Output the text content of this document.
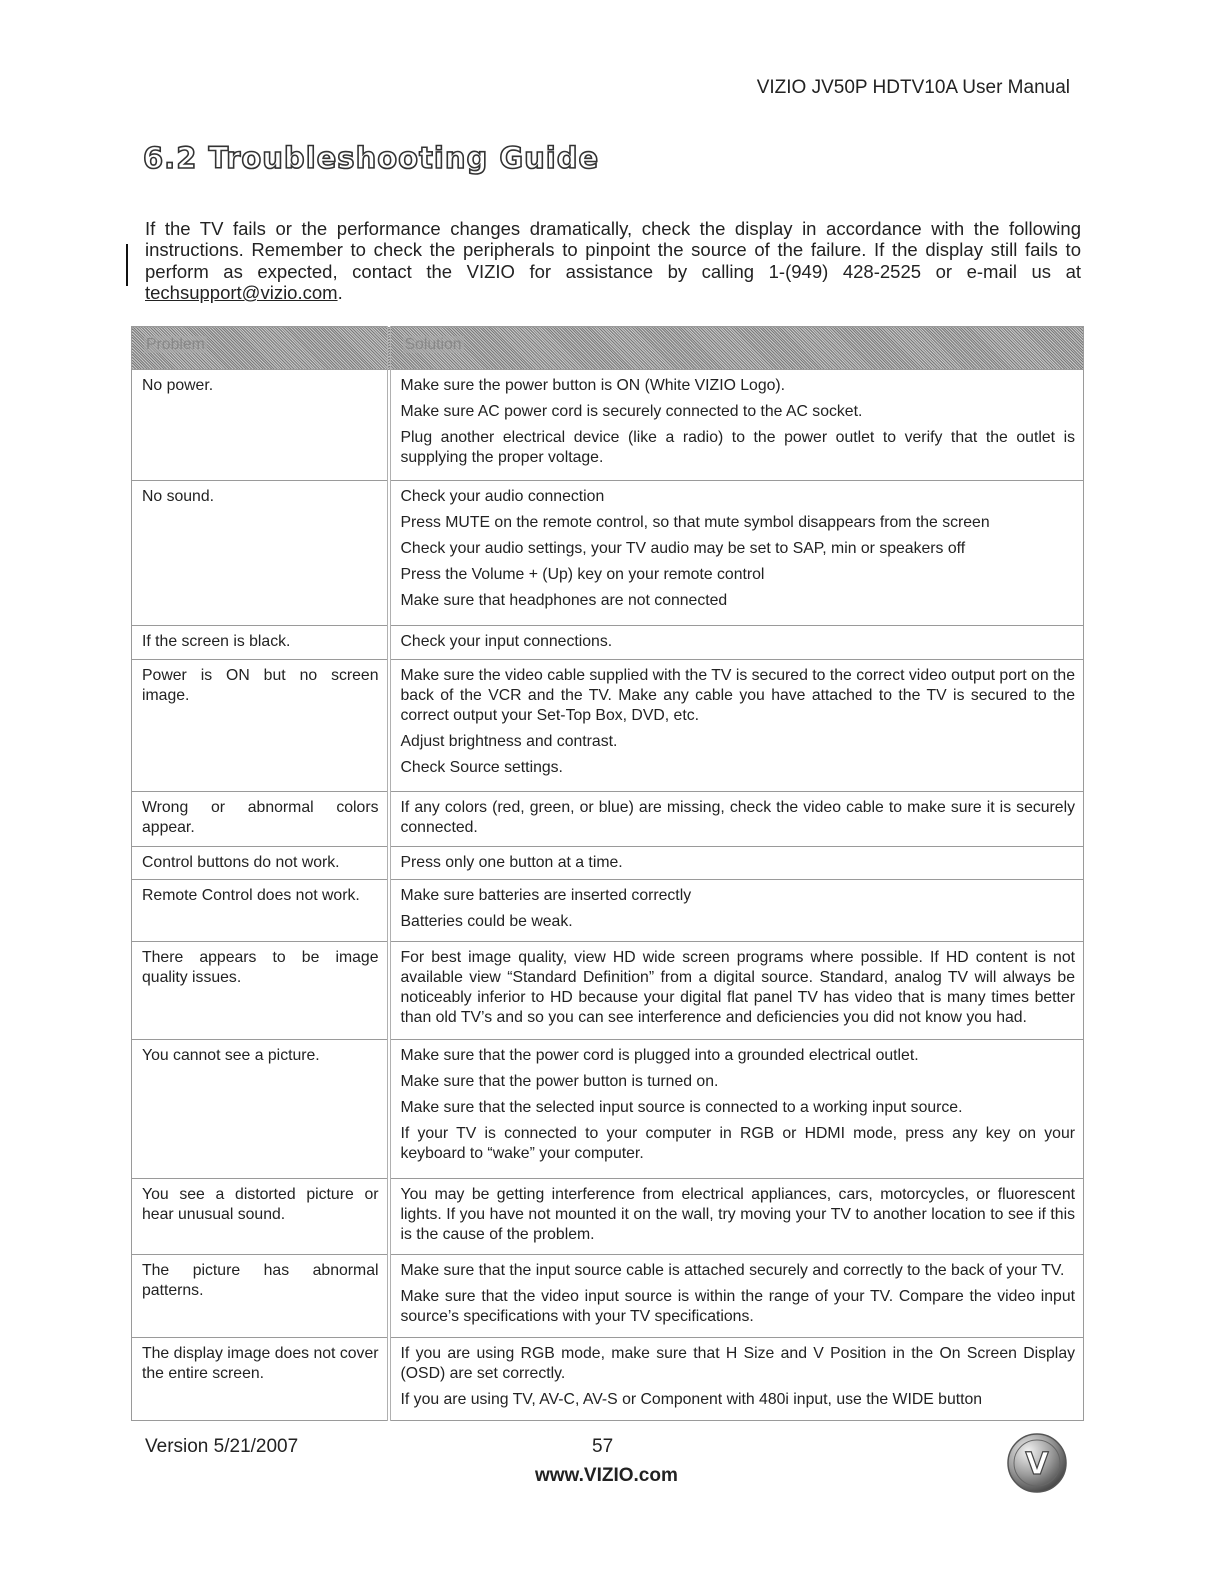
VIZIO JV50P HDTV10A User Manual
6.2 Troubleshooting Guide

If the TV fails or the performance changes dramatically, check the display in accordance with the following instructions. Remember to check the peripherals to pinpoint the source of the failure. If the display still fails to perform as expected, contact the VIZIO for assistance by calling 1-(949) 428-2525 or e-mail us at techsupport@vizio.com.

Problem	Solution
No power.	Make sure the power button is ON (White VIZIO Logo).

Make sure AC power cord is securely connected to the AC socket.

Plug another electrical device (like a radio) to the power outlet to verify that the outlet is supplying the proper voltage.

No sound.	Check your audio connection

Press MUTE on the remote control, so that mute symbol disappears from the screen

Check your audio settings, your TV audio may be set to SAP, min or speakers off

Press the Volume + (Up) key on your remote control

Make sure that headphones are not connected

If the screen is black.	Check your input connections.

Power is ON but no screen image.	Make sure the video cable supplied with the TV is secured to the correct video output port on the back of the VCR and the TV. Make any cable you have attached to the TV is secured to the correct output your Set-Top Box, DVD, etc.

Adjust brightness and contrast.

Check Source settings.

Wrong or abnormal colors appear.	If any colors (red, green, or blue) are missing, check the video cable to make sure it is securely connected.

Control buttons do not work.	Press only one button at a time.

Remote Control does not work.	Make sure batteries are inserted correctly

Batteries could be weak.

There appears to be image quality issues.	For best image quality, view HD wide screen programs where possible. If HD content is not available view “Standard Definition” from a digital source. Standard, analog TV will always be noticeably inferior to HD because your digital flat panel TV has video that is many times better than old TV’s and so you can see interference and deficiencies you did not know you had.

You cannot see a picture.	Make sure that the power cord is plugged into a grounded electrical outlet.

Make sure that the power button is turned on.

Make sure that the selected input source is connected to a working input source.

If your TV is connected to your computer in RGB or HDMI mode, press any key on your keyboard to “wake” your computer.

You see a distorted picture or hear unusual sound.	You may be getting interference from electrical appliances, cars, motorcycles, or fluorescent lights. If you have not mounted it on the wall, try moving your TV to another location to see if this is the cause of the problem.

The picture has abnormal patterns.	Make sure that the input source cable is attached securely and correctly to the back of your TV.

Make sure that the video input source is within the range of your TV. Compare the video input source’s specifications with your TV specifications.

The display image does not cover the entire screen.	If you are using RGB mode, make sure that H Size and V Position in the On Screen Display (OSD) are set correctly.

If you are using TV, AV-C, AV-S or Component with 480i input, use the WIDE button

Version 5/21/2007	57
www.VIZIO.com	V
